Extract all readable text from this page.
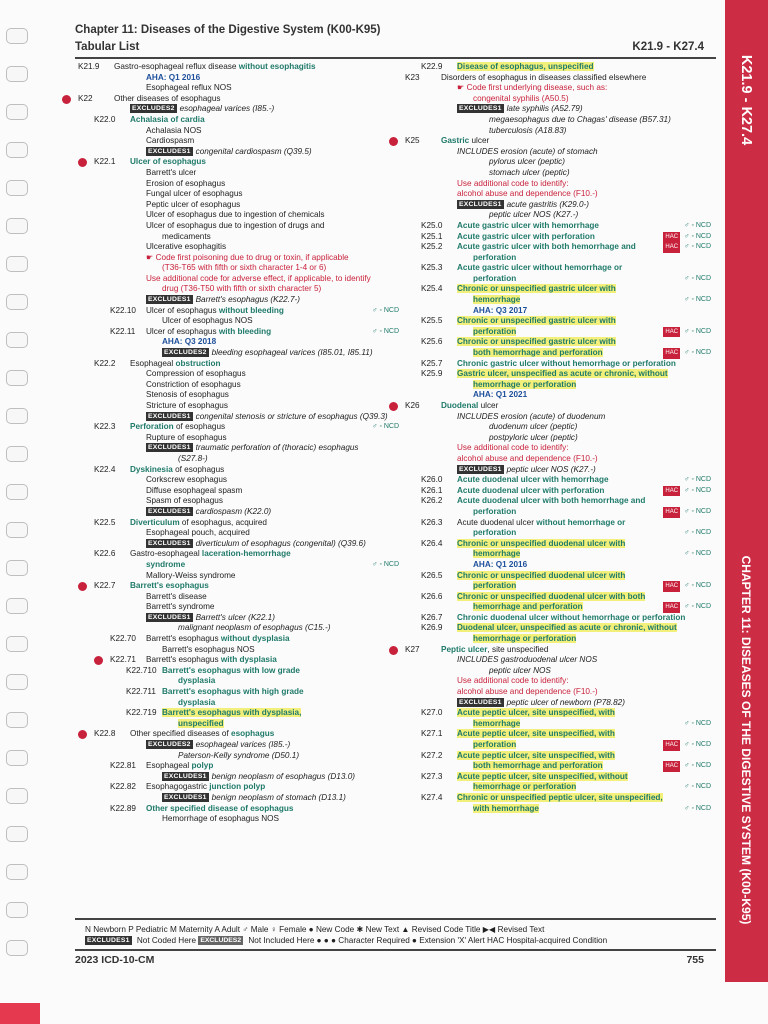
Chapter 11: Diseases of the Digestive System (K00-K95)
Tabular List	K21.9 - K27.4
K21.9 - K27.4
CHAPTER 11: DISEASES OF THE DIGESTIVE SYSTEM (K00-K95)
K21.9 Gastro-esophageal reflux disease without esophagitis
AHA: Q1 2016
Esophageal reflux NOS
K22	Other diseases of esophagus
EXCLUDES2 esophageal varices (I85.-)
K22.0 Achalasia of cardia
Achalasia NOS
Cardiospasm
EXCLUDES1 congenital cardiospasm (Q39.5)
K22.1 Ulcer of esophagus
Barrett's ulcer
Erosion of esophagus
Fungal ulcer of esophagus
Peptic ulcer of esophagus
Ulcer of esophagus due to ingestion of chemicals
Ulcer of esophagus due to ingestion of drugs and
medicaments
Ulcerative esophagitis
☛ Code first poisoning due to drug or toxin, if applicable
(T36-T65 with fifth or sixth character 1-4 or 6)
Use additional code for adverse effect, if applicable, to identify
drug (T36-T50 with fifth or sixth character 5)
EXCLUDES1 Barrett's esophagus (K22.7-)
K22.10 Ulcer of esophagus without bleeding	♂ ◦ NCD
Ulcer of esophagus NOS
K22.11 Ulcer of esophagus with bleeding	♂ ◦ NCD
AHA: Q3 2018
EXCLUDES2 bleeding esophageal varices (I85.01, I85.11)
K22.2 Esophageal obstruction
Compression of esophagus
Constriction of esophagus
Stenosis of esophagus
Stricture of esophagus
EXCLUDES1 congenital stenosis or stricture of esophagus (Q39.3)
K22.3 Perforation of esophagus	♂ ◦ NCD
Rupture of esophagus
EXCLUDES1 traumatic perforation of (thoracic) esophagus
(S27.8-)
K22.4 Dyskinesia of esophagus
Corkscrew esophagus
Diffuse esophageal spasm
Spasm of esophagus
EXCLUDES1 cardiospasm (K22.0)
K22.5 Diverticulum of esophagus, acquired
Esophageal pouch, acquired
EXCLUDES1 diverticulum of esophagus (congenital) (Q39.6)
K22.6 Gastro-esophageal laceration-hemorrhage
syndrome	♂ ◦ NCD
Mallory-Weiss syndrome
K22.7 Barrett's esophagus
Barrett's disease
Barrett's syndrome
EXCLUDES1 Barrett's ulcer (K22.1)
malignant neoplasm of esophagus (C15.-)
K22.70 Barrett's esophagus without dysplasia
Barrett's esophagus NOS
K22.71 Barrett's esophagus with dysplasia
K22.710 Barrett's esophagus with low grade
dysplasia
K22.711 Barrett's esophagus with high grade
dysplasia
K22.719 Barrett's esophagus with dysplasia,
unspecified
K22.8 Other specified diseases of esophagus
EXCLUDES2 esophageal varices (I85.-)
Paterson-Kelly syndrome (D50.1)
K22.81 Esophageal polyp
EXCLUDES1 benign neoplasm of esophagus (D13.0)
K22.82 Esophagogastric junction polyp
EXCLUDES1 benign neoplasm of stomach (D13.1)
K22.89 Other specified disease of esophagus
Hemorrhage of esophagus NOS
K22.9 Disease of esophagus, unspecified
K23	Disorders of esophagus in diseases classified elsewhere
☛ Code first underlying disease, such as:
congenital syphilis (A50.5)
EXCLUDES1 late syphilis (A52.79)
megaesophagus due to Chagas' disease (B57.31)
tuberculosis (A18.83)
K25	Gastric ulcer
INCLUDES erosion (acute) of stomach
pylorus ulcer (peptic)
stomach ulcer (peptic)
Use additional code to identify:
alcohol abuse and dependence (F10.-)
EXCLUDES1 acute gastritis (K29.0-)
peptic ulcer NOS (K27.-)
K25.0 Acute gastric ulcer with hemorrhage	♂ ◦ NCD
K25.1 Acute gastric ulcer with perforation	HAC ♂ ◦ NCD
K25.2 Acute gastric ulcer with both hemorrhage and	HAC ♂ ◦ NCD
perforation
K25.3 Acute gastric ulcer without hemorrhage or
perforation	♂ ◦ NCD
K25.4 Chronic or unspecified gastric ulcer with
hemorrhage	♂ ◦ NCD
AHA: Q3 2017
K25.5 Chronic or unspecified gastric ulcer with
perforation	HAC ♂ ◦ NCD
K25.6 Chronic or unspecified gastric ulcer with
both hemorrhage and perforation	HAC ♂ ◦ NCD
K25.7 Chronic gastric ulcer without hemorrhage or perforation
K25.9 Gastric ulcer, unspecified as acute or chronic, without
hemorrhage or perforation
AHA: Q1 2021
K26	Duodenal ulcer
INCLUDES erosion (acute) of duodenum
duodenum ulcer (peptic)
postpyloric ulcer (peptic)
Use additional code to identify:
alcohol abuse and dependence (F10.-)
EXCLUDES1 peptic ulcer NOS (K27.-)
K26.0 Acute duodenal ulcer with hemorrhage	♂ ◦ NCD
K26.1 Acute duodenal ulcer with perforation	HAC ♂ ◦ NCD
K26.2 Acute duodenal ulcer with both hemorrhage and
perforation	HAC ♂ ◦ NCD
K26.3 Acute duodenal ulcer without hemorrhage or
perforation	♂ ◦ NCD
K26.4 Chronic or unspecified duodenal ulcer with
hemorrhage	♂ ◦ NCD
AHA: Q1 2016
K26.5 Chronic or unspecified duodenal ulcer with
perforation	HAC ♂ ◦ NCD
K26.6 Chronic or unspecified duodenal ulcer with both
hemorrhage and perforation	HAC ♂ ◦ NCD
K26.7 Chronic duodenal ulcer without hemorrhage or perforation
K26.9 Duodenal ulcer, unspecified as acute or chronic, without
hemorrhage or perforation
K27	Peptic ulcer, site unspecified
INCLUDES gastroduodenal ulcer NOS
peptic ulcer NOS
Use additional code to identify:
alcohol abuse and dependence (F10.-)
EXCLUDES1 peptic ulcer of newborn (P78.82)
K27.0 Acute peptic ulcer, site unspecified, with
hemorrhage	♂ ◦ NCD
K27.1 Acute peptic ulcer, site unspecified, with
perforation	HAC ♂ ◦ NCD
K27.2 Acute peptic ulcer, site unspecified, with
both hemorrhage and perforation	HAC ♂ ◦ NCD
K27.3 Acute peptic ulcer, site unspecified, without
hemorrhage or perforation	♂ ◦ NCD
K27.4 Chronic or unspecified peptic ulcer, site unspecified,
with hemorrhage	♂ ◦ NCD
N Newborn P Pediatric M Maternity A Adult ♂ Male ♀ Female ● New Code ✱ New Text ▲ Revised Code Title ▶◀ Revised Text
EXCLUDES1 Not Coded Here EXCLUDES2 Not Included Here ● ● ● Character Required ● Extension 'X' Alert HAC Hospital-acquired Condition
2023 ICD-10-CM	755
